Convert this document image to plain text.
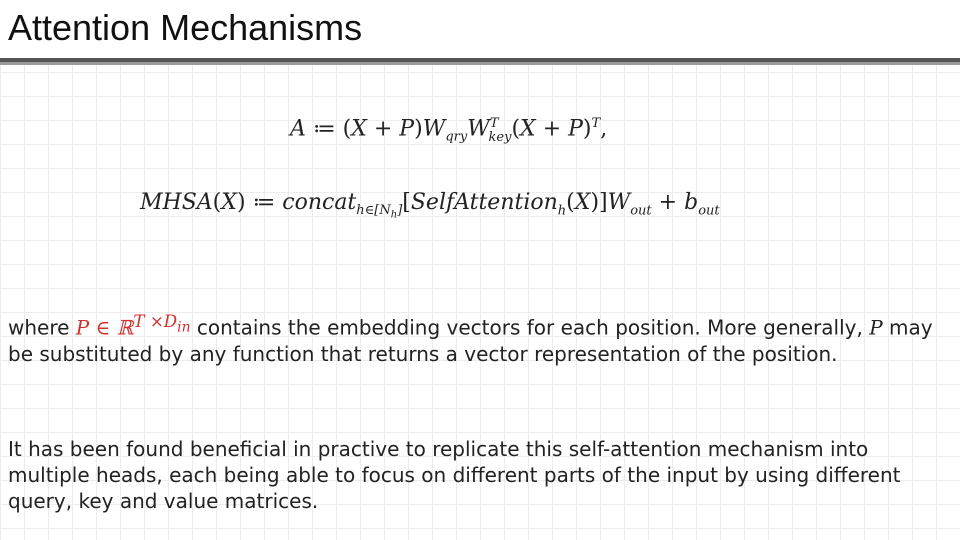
Attention Mechanisms
A ≔ $(X + P)W_{qry}W^T_{key}(X + P)^T$,
MHSA(X) ≔ $concat_{h\in[N_h]}[SelfAttention_h(X)]W_{out} + b_{out}$
where P ∈ ℝ$^{T \times D_{in}}$ contains the embedding vectors for each position. More generally, P may be substituted by any function that returns a vector representation of the position.
It has been found beneficial in practive to replicate this self-attention mechanism into multiple heads, each being able to focus on different parts of the input by using different query, key and value matrices.
